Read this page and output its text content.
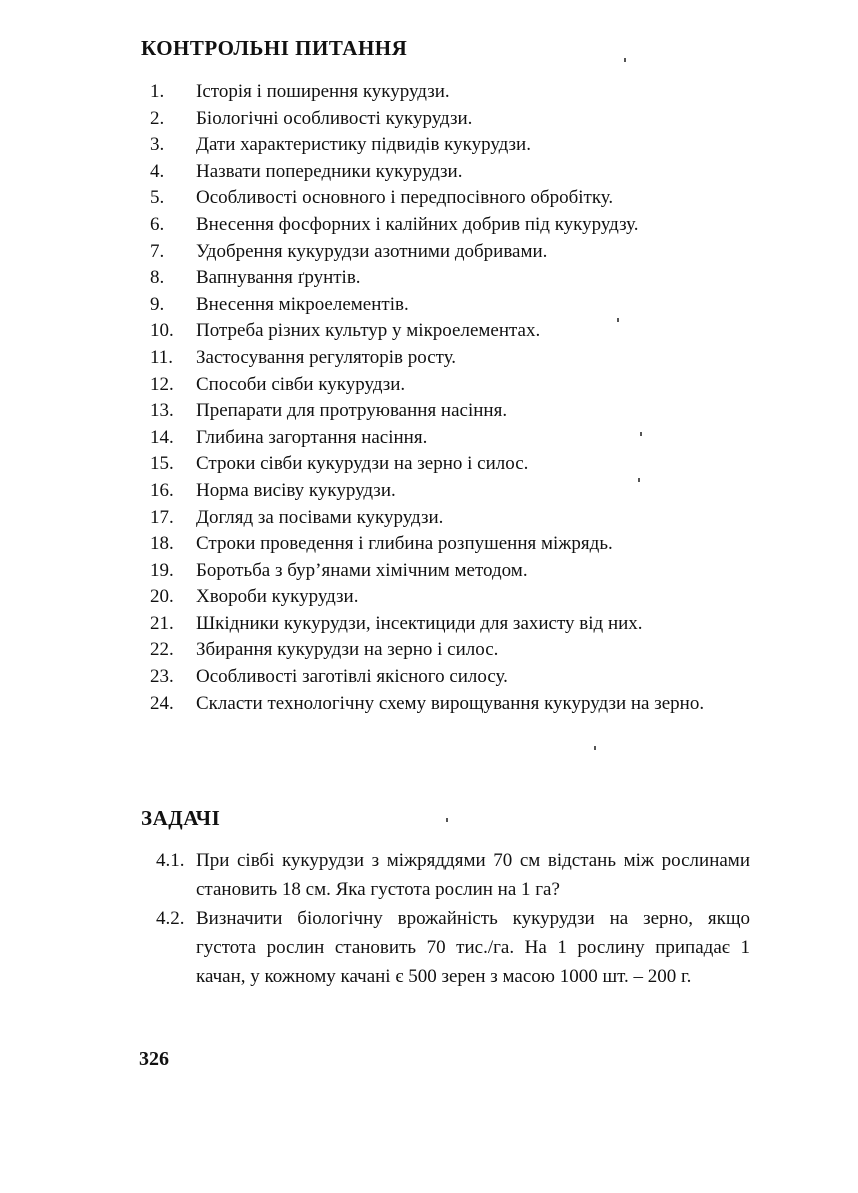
КОНТРОЛЬНІ ПИТАННЯ
1.	Історія і поширення кукурудзи.
2.	Біологічні особливості кукурудзи.
3.	Дати характеристику підвидів кукурудзи.
4.	Назвати попередники кукурудзи.
5.	Особливості основного і передпосівного обробітку.
6.	Внесення фосфорних і калійних добрив під кукурудзу.
7.	Удобрення кукурудзи азотними добривами.
8.	Вапнування ґрунтів.
9.	Внесення мікроелементів.
10.	Потреба різних культур у мікроелементах.
11.	Застосування регуляторів росту.
12.	Способи сівби кукурудзи.
13.	Препарати для протруювання насіння.
14.	Глибина загортання насіння.
15.	Строки сівби кукурудзи на зерно і силос.
16.	Норма висіву кукурудзи.
17.	Догляд за посівами кукурудзи.
18.	Строки проведення і глибина розпушення міжрядь.
19.	Боротьба з бур’янами хімічним методом.
20.	Хвороби кукурудзи.
21.	Шкідники кукурудзи, інсектициди для захисту від них.
22.	Збирання кукурудзи на зерно і силос.
23.	Особливості заготівлі якісного силосу.
24.	Скласти технологічну схему вирощування кукурудзи на зерно.
ЗАДАЧІ
4.1. При сівбі кукурудзи з міжряддями 70 см відстань між рослинами становить 18 см. Яка густота рослин на 1 га?
4.2. Визначити біологічну врожайність кукурудзи на зерно, якщо густота рослин становить 70 тис./га. На 1 рослину припадає 1 качан, у кожному качані є 500 зерен з масою 1000 шт. – 200 г.
326
